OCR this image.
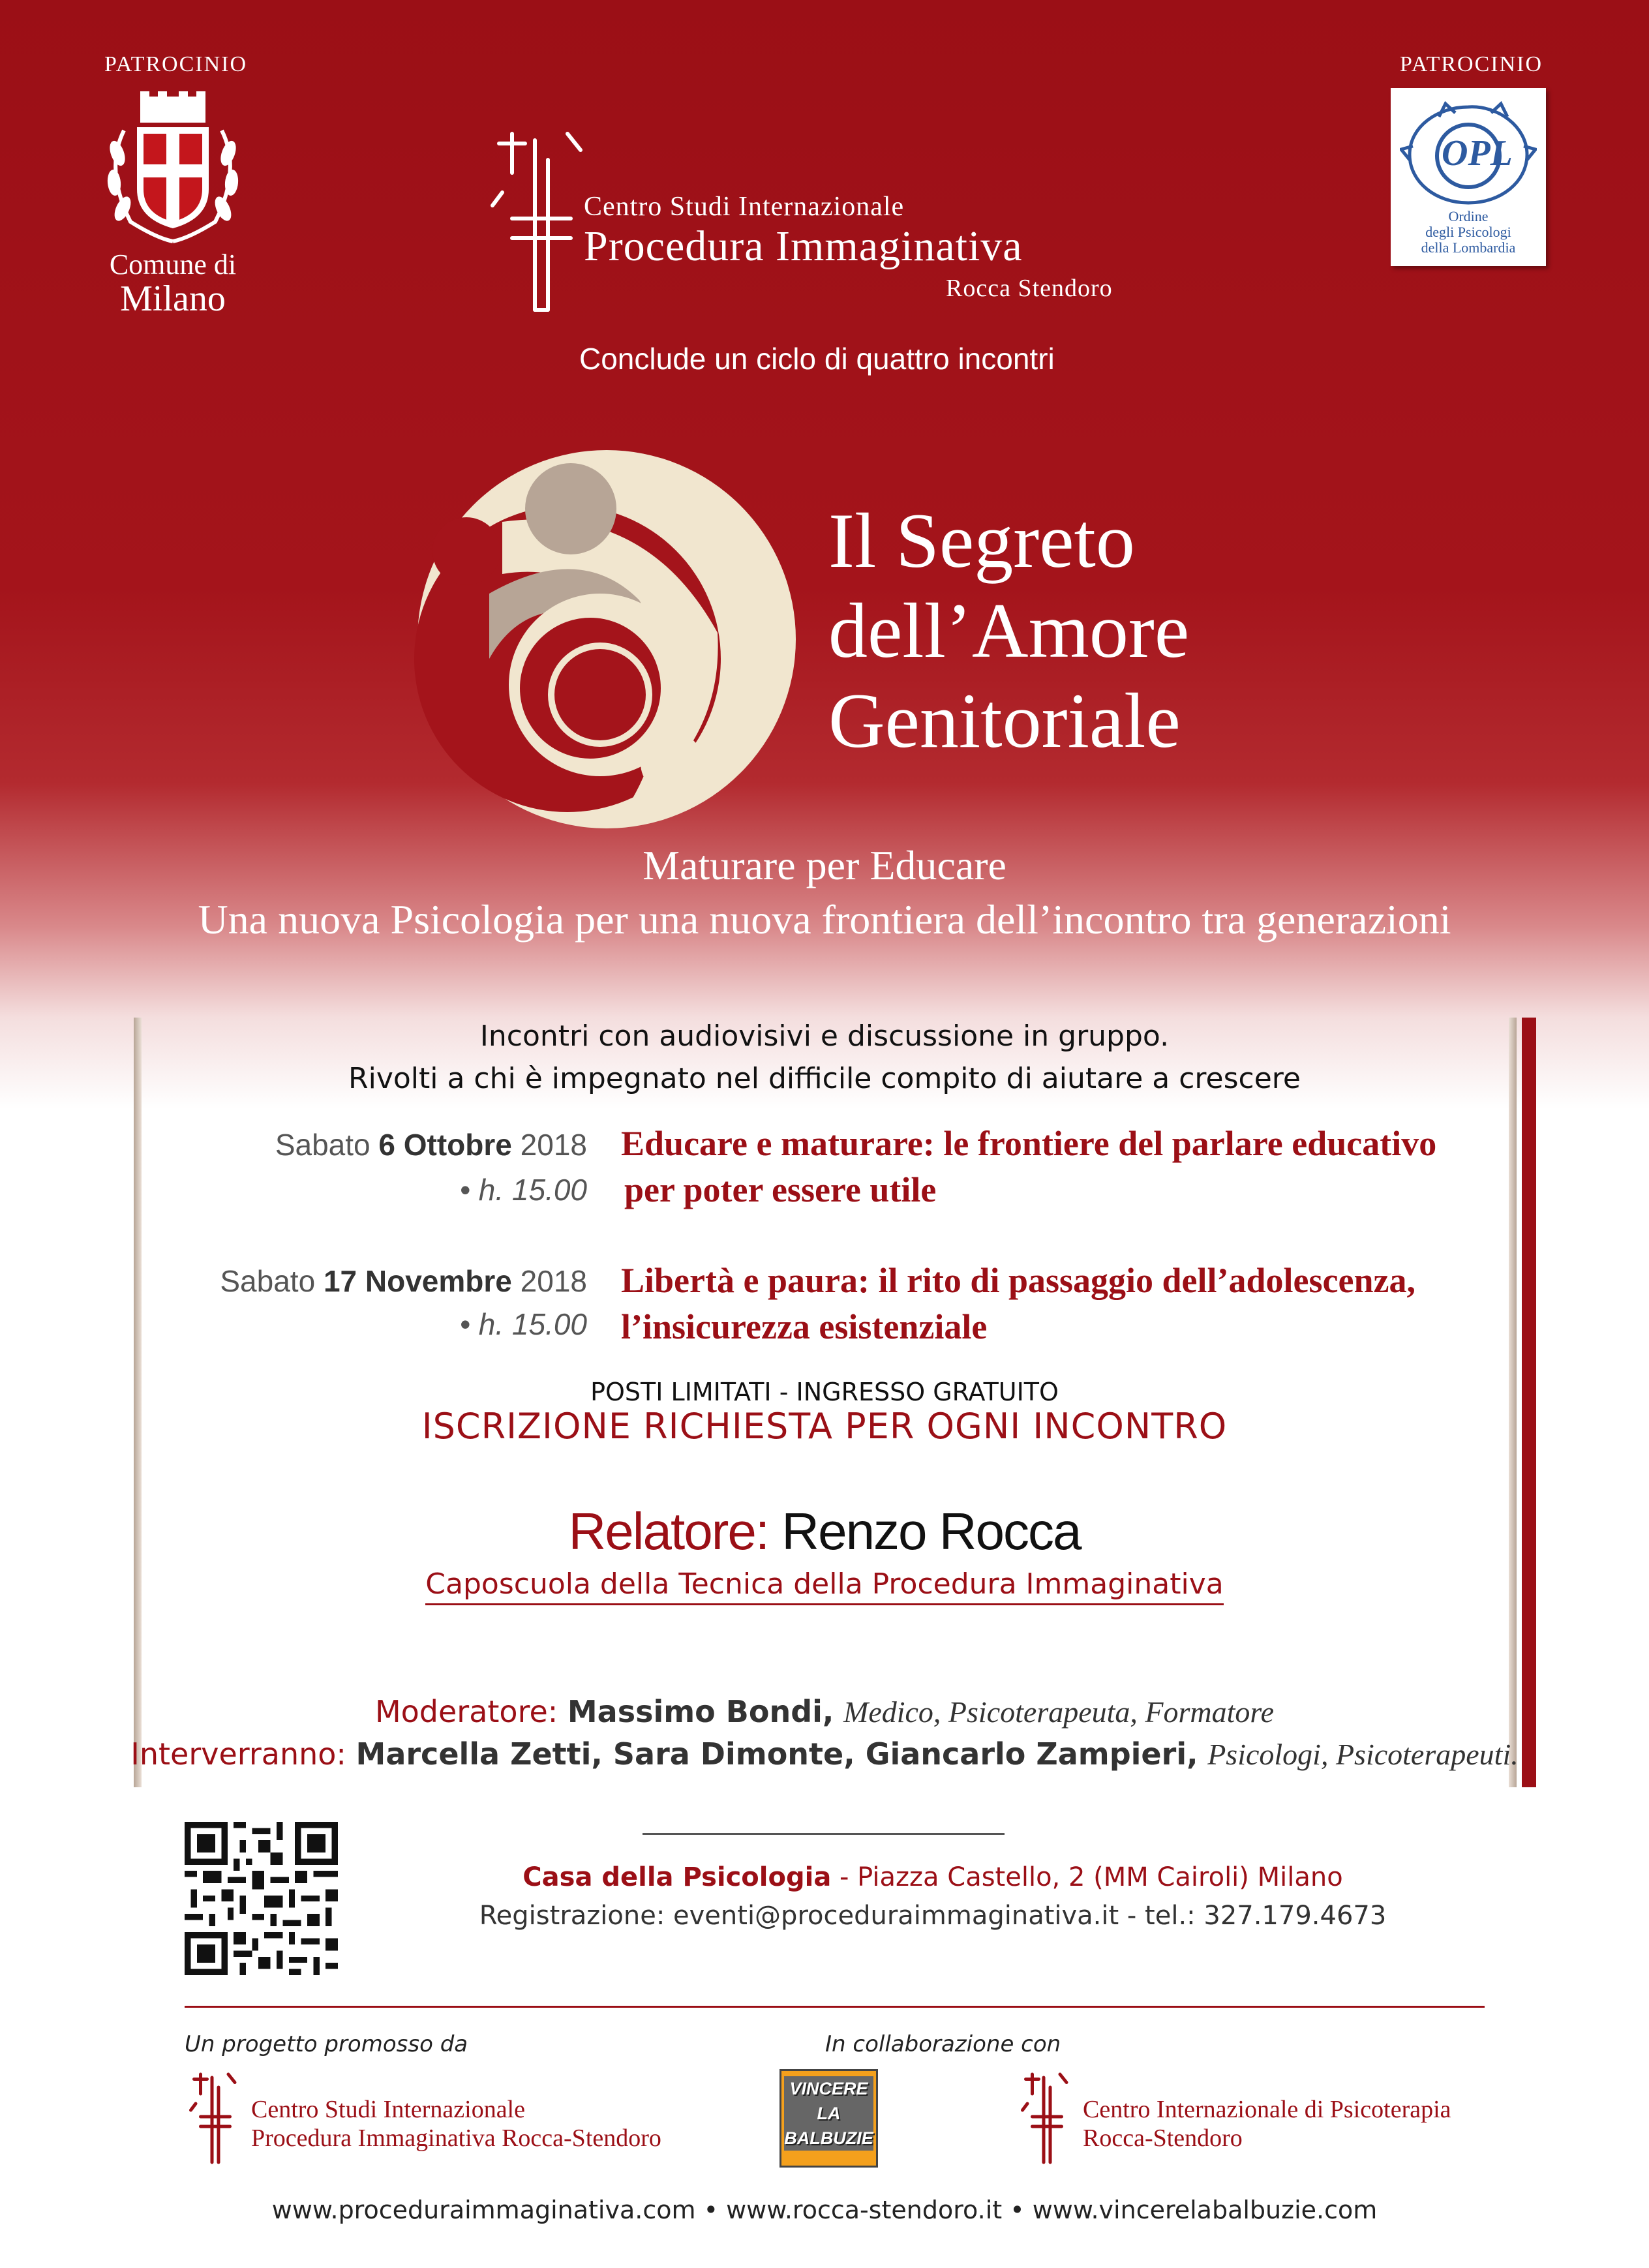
PATROCINIO	PATROCINIO
Comune di
Milano
Centro Studi Internazionale
Procedura Immaginativa
Rocca Stendoro
OPL
Ordine
degli Psicologi
della Lombardia
Conclude un ciclo di quattro incontri
Il Segreto
dell’Amore
Genitoriale
Maturare per Educare
Una nuova Psicologia per una nuova frontiera dell’incontro tra generazioni
Incontri con audiovisivi e discussione in gruppo.
Rivolti a chi è impegnato nel difficile compito di aiutare a crescere
Sabato 6 Ottobre 2018
• h. 15.00
Educare e maturare: le frontiere del parlare educativo
per poter essere utile
Sabato 17 Novembre 2018
• h. 15.00
Libertà e paura: il rito di passaggio dell’adolescenza,
l’insicurezza esistenziale
POSTI LIMITATI - INGRESSO GRATUITO
ISCRIZIONE RICHIESTA PER OGNI INCONTRO
Relatore: Renzo Rocca
Caposcuola della Tecnica della Procedura Immaginativa
Moderatore: Massimo Bondi, Medico, Psicoterapeuta, Formatore
Interverranno: Marcella Zetti, Sara Dimonte, Giancarlo Zampieri, Psicologi, Psicoterapeuti.
Casa della Psicologia - Piazza Castello, 2 (MM Cairoli) Milano
Registrazione: eventi@proceduraimmaginativa.it - tel.: 327.179.4673
Un progetto promosso da	In collaborazione con
Centro Studi Internazionale
Procedura Immaginativa Rocca-Stendoro
VINCERE
LA
BALBUZIE
Centro Internazionale di Psicoterapia
Rocca-Stendoro
www.proceduraimmaginativa.com • www.rocca-stendoro.it • www.vincerelabalbuzie.com
